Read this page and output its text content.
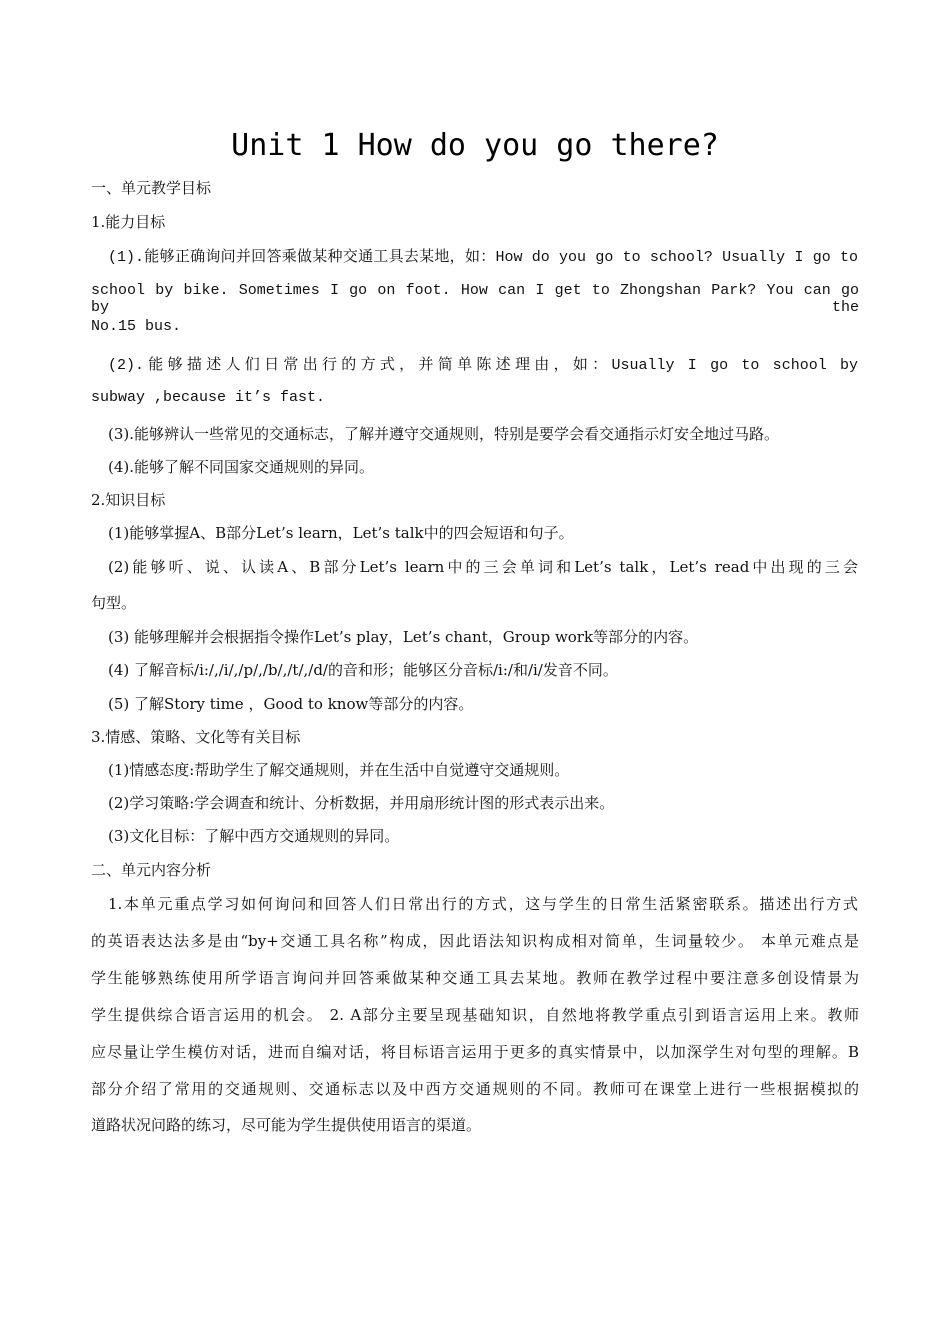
Unit 1 How do you go there?
一、单元教学目标
1.能力目标
(1).能够正确询问并回答乘做某种交通工具去某地，如：How do you go to school? Usually I go to
school by bike. Sometimes I go on foot. How can I get to Zhongshan Park? You can go by the
No.15 bus.
(2).能够描述人们日常出行的方式，并简单陈述理由，如：Usually I go to school by
subway ,because it’s fast.
(3).能够辨认一些常见的交通标志，了解并遵守交通规则，特别是要学会看交通指示灯安全地过马路。
(4).能够了解不同国家交通规则的异同。
2.知识目标
(1)能够掌握A、B部分Let’s learn，Let’s talk中的四会短语和句子。
(2)能够听、说、认读A、B部分Let’s learn中的三会单词和Let’s talk，Let’s read中出现的三会
句型。
(3) 能够理解并会根据指令操作Let’s play，Let’s chant，Group work等部分的内容。
(4) 了解音标/i:/,/i/,/p/,/b/,/t/,/d/的音和形；能够区分音标/i:/和/i/发音不同。
(5) 了解Story time ，Good to know等部分的内容。
3.情感、策略、文化等有关目标
(1)情感态度:帮助学生了解交通规则，并在生活中自觉遵守交通规则。
(2)学习策略:学会调查和统计、分析数据，并用扇形统计图的形式表示出来。
(3)文化目标：了解中西方交通规则的异同。
二、单元内容分析
1.本单元重点学习如何询问和回答人们日常出行的方式，这与学生的日常生活紧密联系。描述出行方式
的英语表达法多是由“by+交通工具名称”构成，因此语法知识构成相对简单，生词量较少。 本单元难点是
学生能够熟练使用所学语言询问并回答乘做某种交通工具去某地。教师在教学过程中要注意多创设情景为
学生提供综合语言运用的机会。 2. A部分主要呈现基础知识，自然地将教学重点引到语言运用上来。教师
应尽量让学生模仿对话，进而自编对话，将目标语言运用于更多的真实情景中，以加深学生对句型的理解。B
部分介绍了常用的交通规则、交通标志以及中西方交通规则的不同。教师可在课堂上进行一些根据模拟的
道路状况问路的练习，尽可能为学生提供使用语言的渠道。
